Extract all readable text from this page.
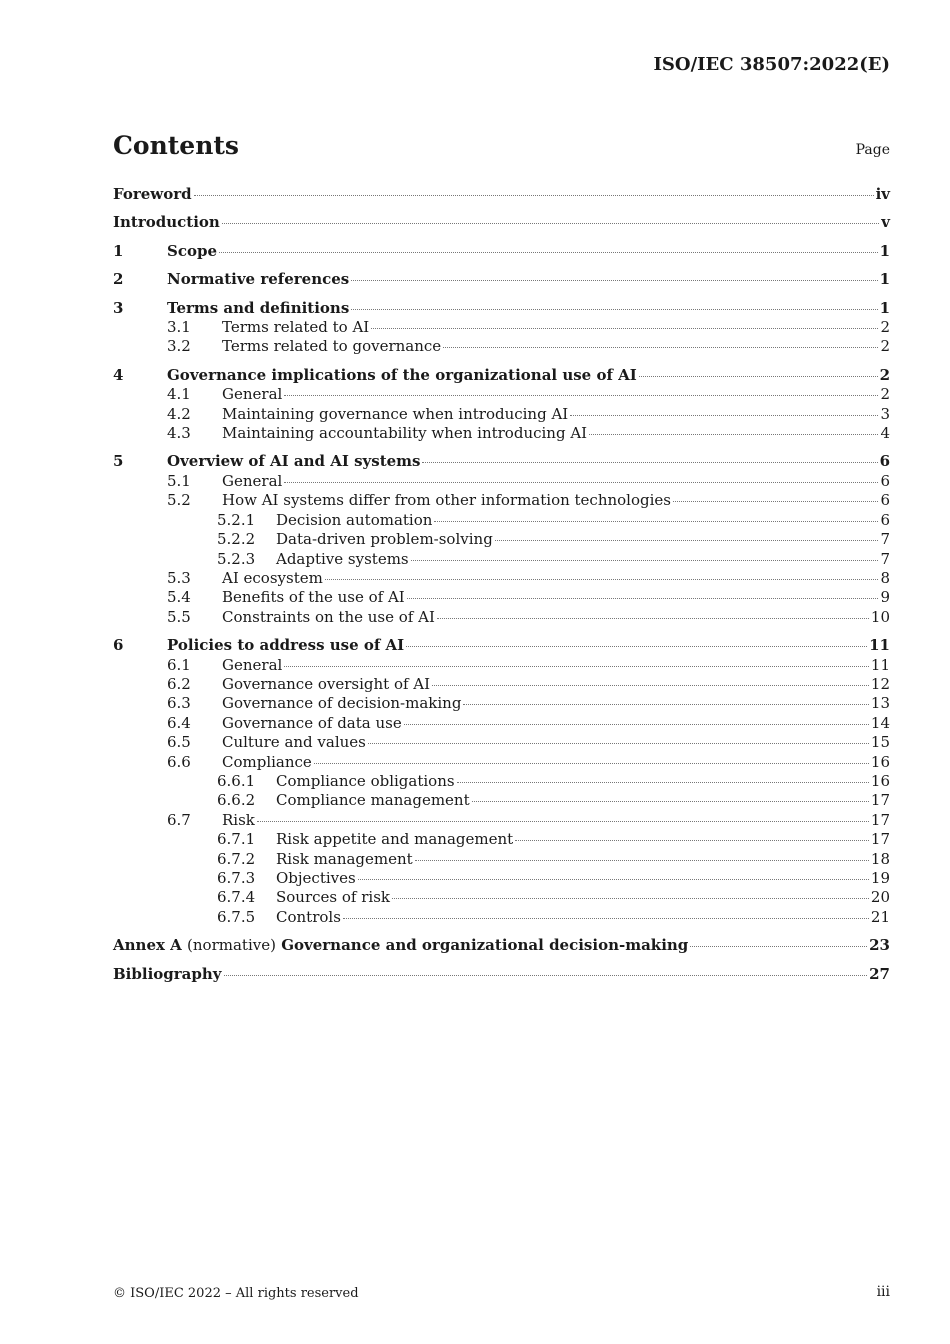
ISO/IEC 38507:2022(E)
Contents	Page
Foreword	iv
Introduction	v
1	Scope	1
2	Normative references	1
3	Terms and definitions	1
3.1	Terms related to AI	2
3.2	Terms related to governance	2
4	Governance implications of the organizational use of AI	2
4.1	General	2
4.2	Maintaining governance when introducing AI	3
4.3	Maintaining accountability when introducing AI	4
5	Overview of AI and AI systems	6
5.1	General	6
5.2	How AI systems differ from other information technologies	6
5.2.1	Decision automation	6
5.2.2	Data-driven problem-solving	7
5.2.3	Adaptive systems	7
5.3	AI ecosystem	8
5.4	Benefits of the use of AI	9
5.5	Constraints on the use of AI	10
6	Policies to address use of AI	11
6.1	General	11
6.2	Governance oversight of AI	12
6.3	Governance of decision-making	13
6.4	Governance of data use	14
6.5	Culture and values	15
6.6	Compliance	16
6.6.1	Compliance obligations	16
6.6.2	Compliance management	17
6.7	Risk	17
6.7.1	Risk appetite and management	17
6.7.2	Risk management	18
6.7.3	Objectives	19
6.7.4	Sources of risk	20
6.7.5	Controls	21
Annex A (normative) Governance and organizational decision-making	23
Bibliography	27
© ISO/IEC 2022 – All rights reserved	iii
